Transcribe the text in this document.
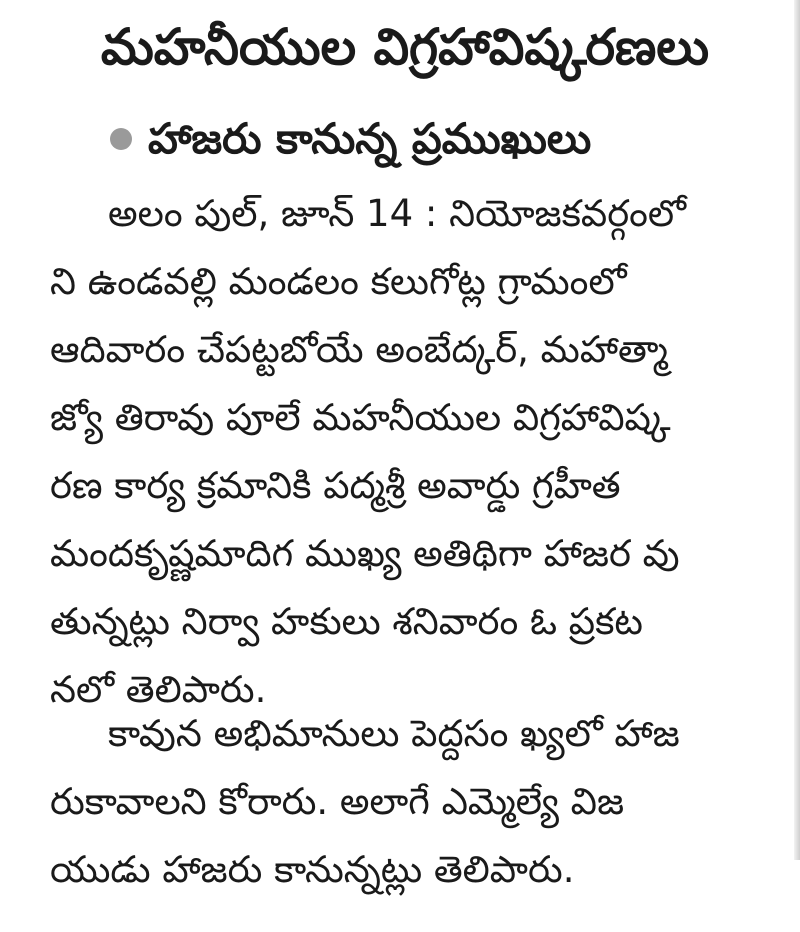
మహనీయుల విగ్రహావిష్కరణలు
హాజరు కానున్న ప్రముఖులు
అలం పుల్, జూన్ 14 : నియోజకవర్గంలో
ని ఉండవల్లి మండలం కలుగోట్ల గ్రామంలో
ఆదివారం చేపట్టబోయే అంబేద్కర్, మహాత్మా
జ్యో తిరావు పూలే మహనీయుల విగ్రహావిష్క
రణ కార్య క్రమానికి పద్మశ్రీ అవార్డు గ్రహీత
మందకృష్ణమాదిగ ముఖ్య అతిథిగా హాజర వు
తున్నట్లు నిర్వా హకులు శనివారం ఓ ప్రకట
నలో తెలిపారు.
కావున అభిమానులు పెద్దసం ఖ్యలో హాజ
రుకావాలని కోరారు. అలాగే ఎమ్మెల్యే విజ
యుడు హాజరు కానున్నట్లు తెలిపారు.
